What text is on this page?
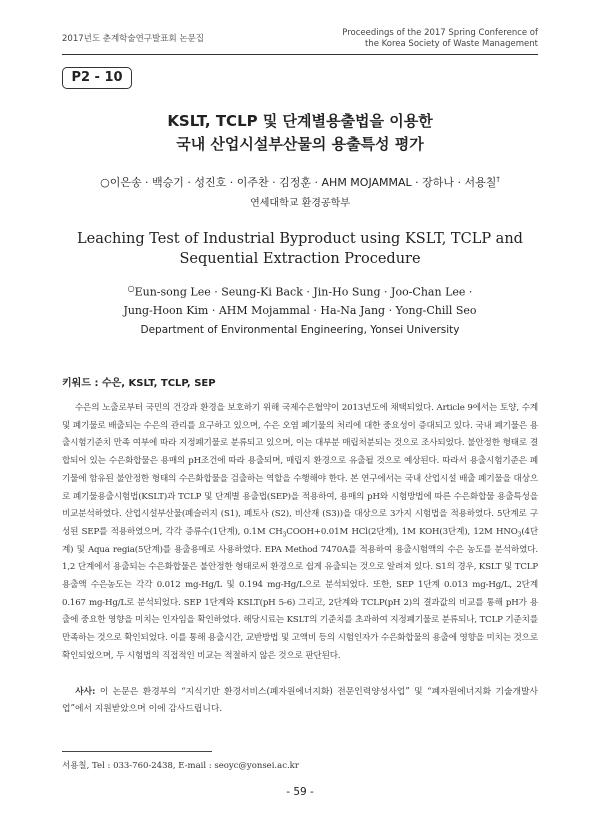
2017년도 춘계학술연구발표회 논문집
Proceedings of the 2017 Spring Conference of
the Korea Society of Waste Management
P2 - 10
KSLT, TCLP 및 단계별용출법을 이용한
국내 산업시설부산물의 용출특성 평가
○이은송 · 백승기 · 성진호 · 이주찬 · 김정훈 · AHM MOJAMMAL · 장하나 · 서용칠†
연세대학교 환경공학부
Leaching Test of Industrial Byproduct using KSLT, TCLP and
Sequential Extraction Procedure
○Eun-song Lee · Seung-Ki Back · Jin-Ho Sung · Joo-Chan Lee ·
Jung-Hoon Kim · AHM Mojammal · Ha-Na Jang · Yong-Chill Seo
Department of Environmental Engineering, Yonsei University
키워드 : 수은, KSLT, TCLP, SEP
수은의 노출로부터 국민의 건강과 환경을 보호하기 위해 국제수은협약이 2013년도에 채택되었다. Article 9에서는 토양, 수계 및 폐기물로 배출되는 수은의 관리를 요구하고 있으며, 수은 오염 폐기물의 처리에 대한 중요성이 증대되고 있다. 국내 폐기물은 용출시험기준치 만족 여부에 따라 지정폐기물로 분류되고 있으며, 이는 대부분 매립처분되는 것으로 조사되었다. 불안정한 형태로 결합되어 있는 수은화합물은 용매의 pH조건에 따라 용출되며, 매립지 환경으로 유출될 것으로 예상된다. 따라서 용출시험기준은 폐기물에 함유된 불안정한 형태의 수은화합물을 검출하는 역할을 수행해야 한다. 본 연구에서는 국내 산업시설 배출 폐기물을 대상으로 폐기물용출시험법(KSLT)과 TCLP 및 단계별 용출법(SEP)을 적용하여, 용매의 pH와 시험방법에 따른 수은화합물 용출특성을 비교분석하였다. 산업시설부산물(폐슬러지 (S1), 폐토사 (S2), 비산재 (S3))을 대상으로 3가지 시험법을 적용하였다. 5단계로 구성된 SEP를 적용하였으며, 각각 증류수(1단계), 0.1M $CH_3COOH+0.01M$ HCl(2단계), 1M KOH(3단계), 12M $HNO_3(4$단계) 및 Aqua regia(5단계)를 용출용매로 사용하였다. EPA Method 7470A를 적용하여 용출시험액의 수은 농도를 분석하였다. 1,2 단계에서 용출되는 수은화합물은 불안정한 형태로써 환경으로 쉽게 유출되는 것으로 알려져 있다. S1의 경우, KSLT 및 TCLP 용출액 수은농도는 각각 0.012 mg-Hg/L 및 0.194 mg-Hg/L으로 분석되었다. 또한, SEP 1단계 0.013 mg-Hg/L, 2단계 0.167 mg-Hg/L로 분석되었다. SEP 1단계와 KSLT(pH 5-6) 그리고, 2단계와 TCLP(pH 2)의 결과값의 비교를 통해 pH가 용출에 중요한 영향을 미치는 인자임을 확인하였다. 해당시료는 KSLT의 기준치를 초과하여 지정폐기물로 분류되나, TCLP 기준치를 만족하는 것으로 확인되었다. 이를 통해 용출시간, 교반방법 및 고액비 등의 시험인자가 수은화합물의 용출에 영향을 미치는 것으로 확인되었으며, 두 시험법의 직접적인 비교는 적절하지 않은 것으로 판단된다.
사사: 이 논문은 환경부의 “지식기반 환경서비스(폐자원에너지화) 전문인력양성사업” 및 “폐자원에너지화 기술개발사업”에서 지원받았으며 이에 감사드립니다.
서용칠, Tel : 033-760-2438, E-mail : seoyc@yonsei.ac.kr
- 59 -
